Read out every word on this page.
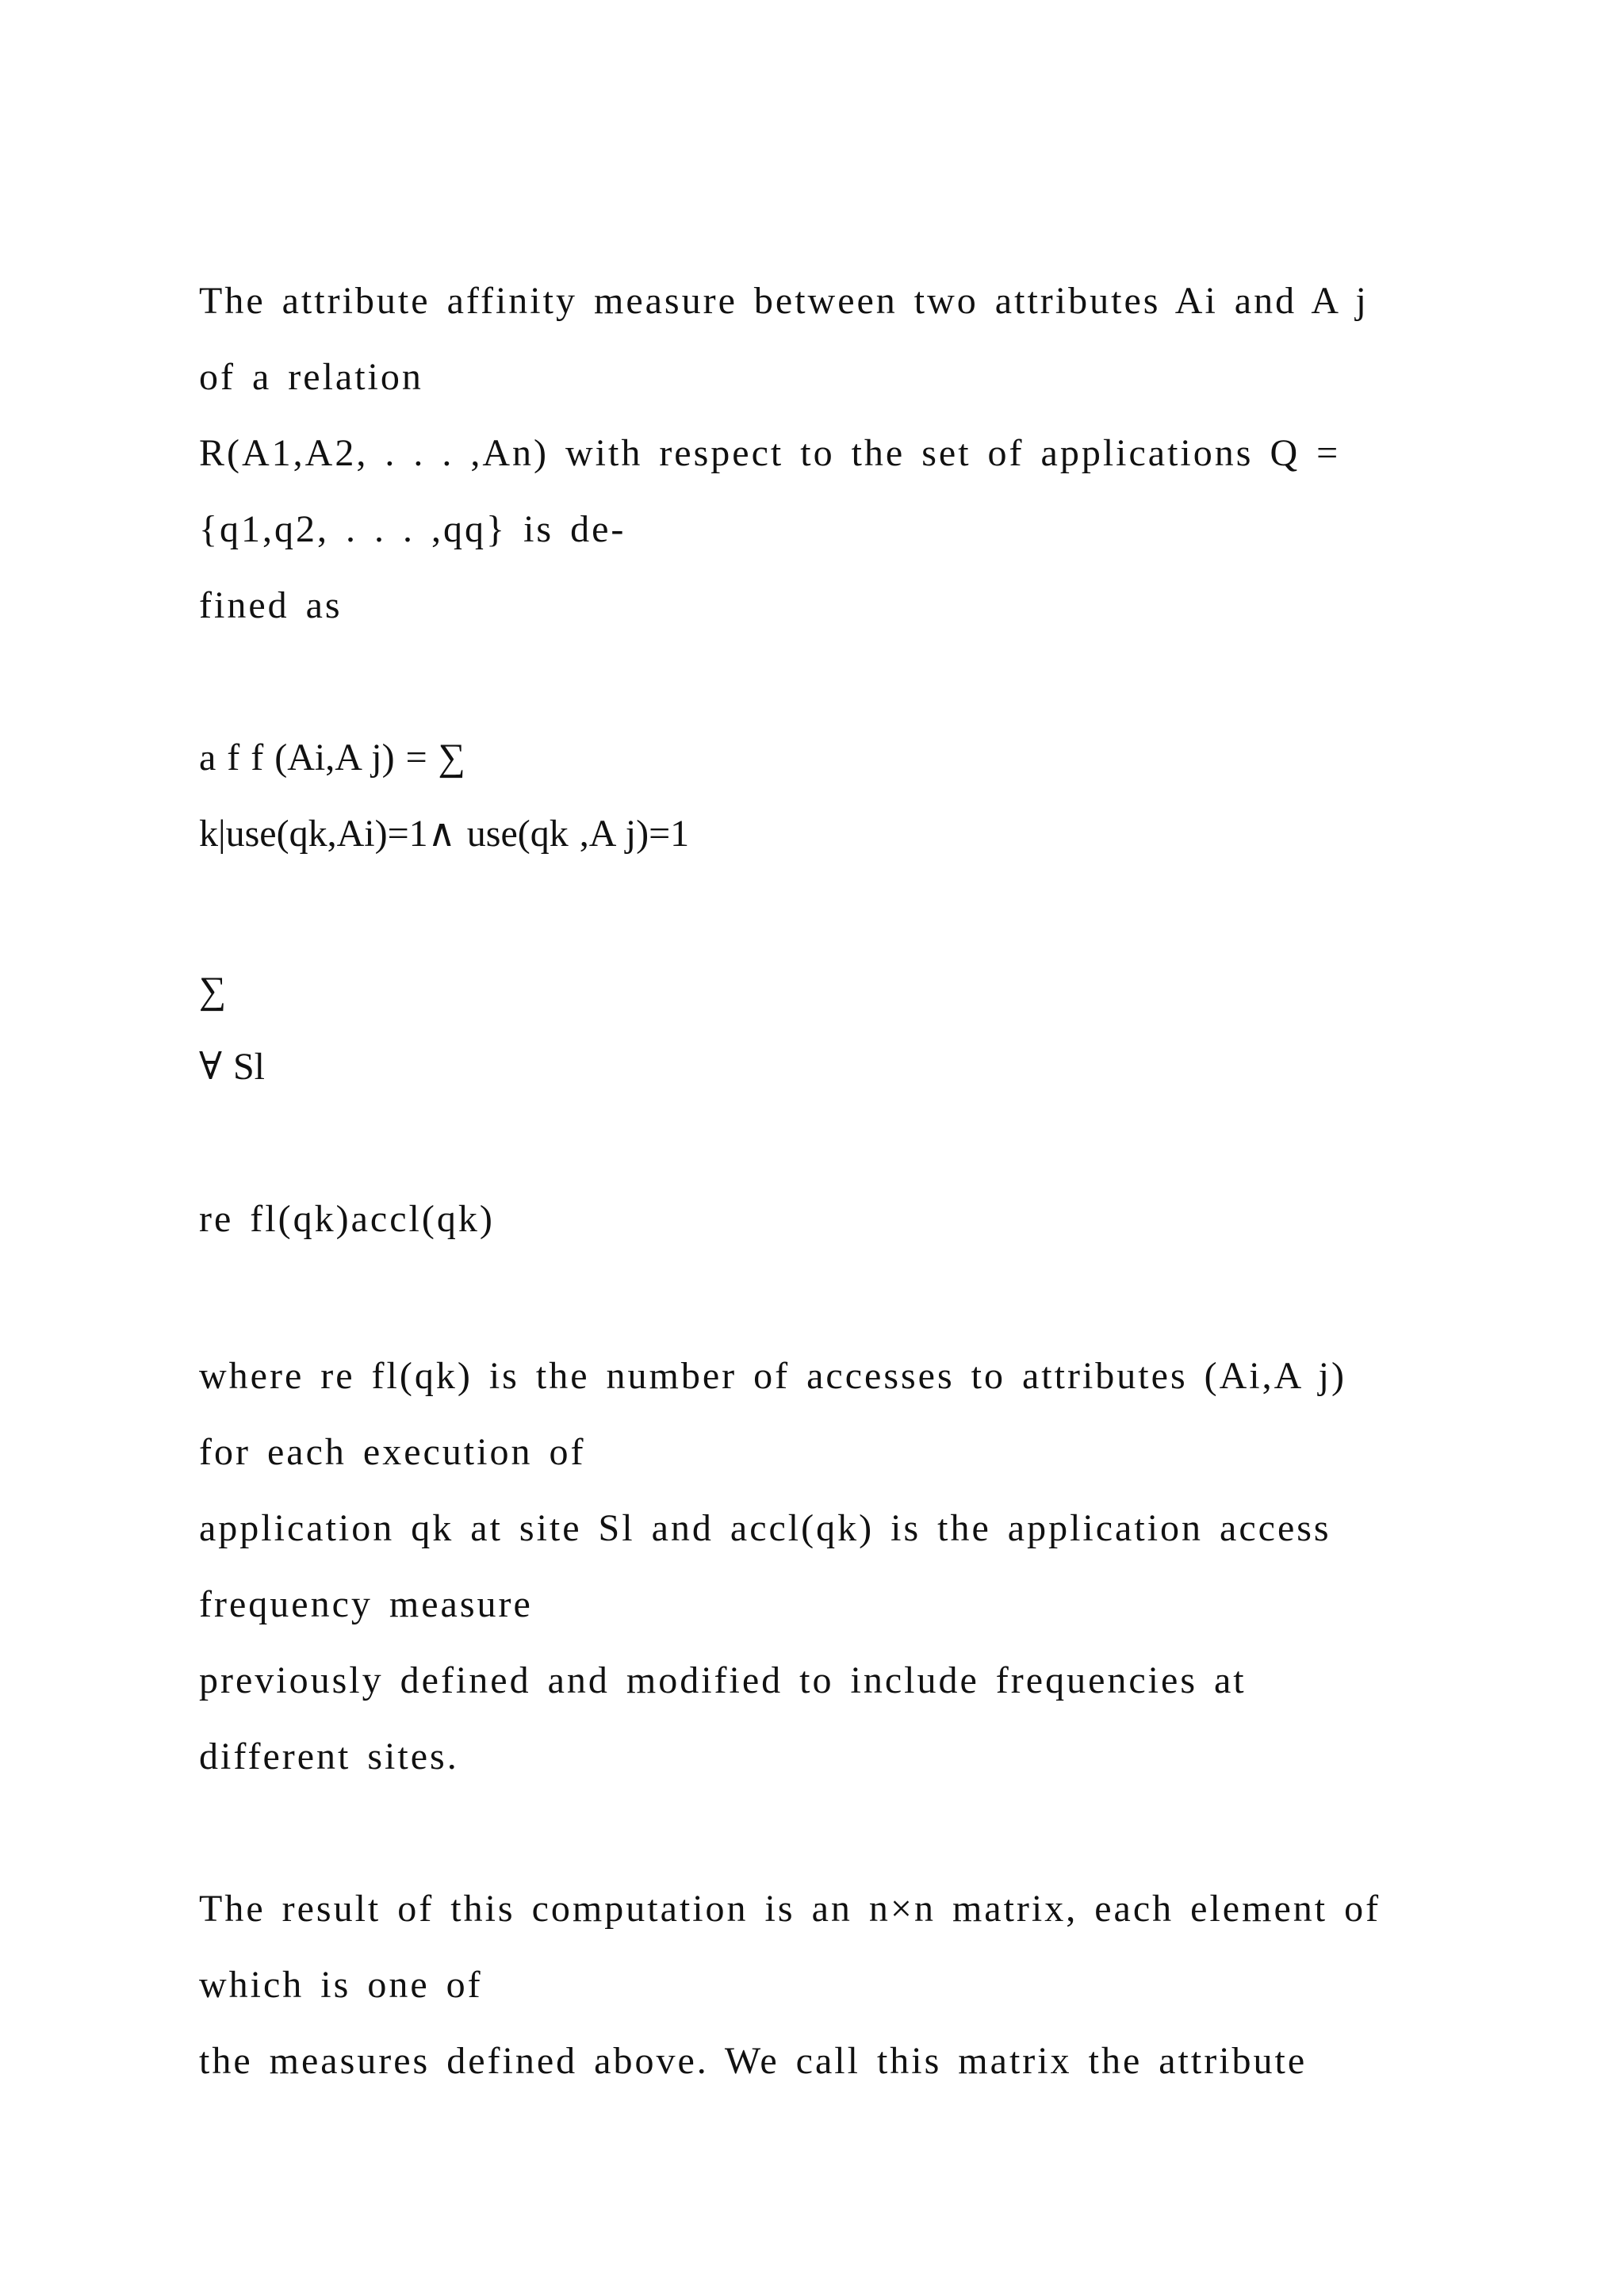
The attribute affinity measure between two attributes Ai and A j
of a relation
R(A1,A2, . . . ,An) with respect to the set of applications Q =
{q1,q2, . . . ,qq} is de-
fined as
a f f (Ai,A j) = ∑
k|use(qk,Ai)=1∧ use(qk ,A j)=1
∑
∀ Sl
re fl(qk)accl(qk)
where re fl(qk) is the number of accesses to attributes (Ai,A j)
for each execution of
application qk at site Sl and accl(qk) is the application access
frequency measure
previously defined and modified to include frequencies at
different sites.
The result of this computation is an n×n matrix, each element of
which is one of
the measures defined above. We call this matrix the attribute
